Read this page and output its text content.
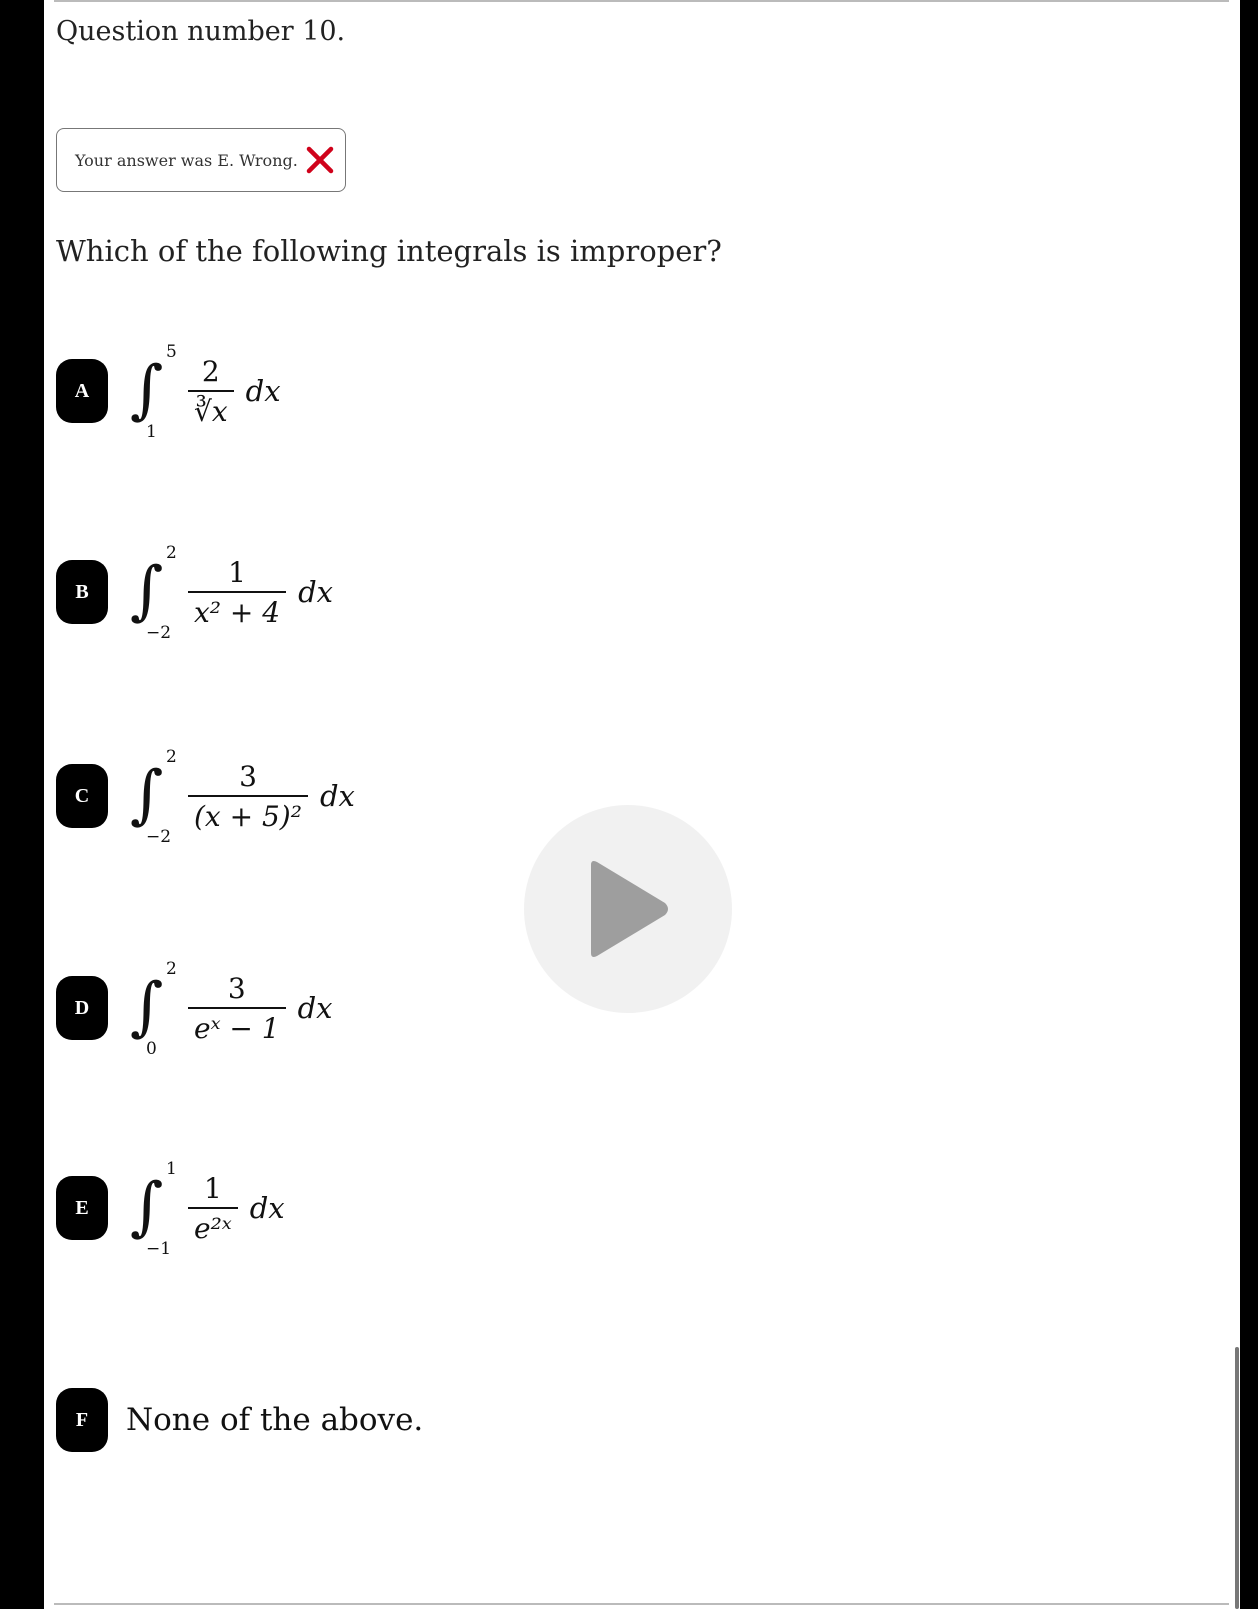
Question number 10.
Your answer was E. Wrong.
Which of the following integrals is improper?
A ∫
5
1
$\frac{2}{∛x}$ dx
B ∫
2
−2
$\frac{1}{\text{x² + 4}}$ dx
C ∫
2
−2
$\frac{3}{\text{(x + 5)²}}$ dx
D ∫
2
0
$\frac{3}{\text{eˣ − 1}}$ dx
E ∫
1
−1
$\frac{1}{\text{e²ˣ}}$ dx
F	None of the above.
